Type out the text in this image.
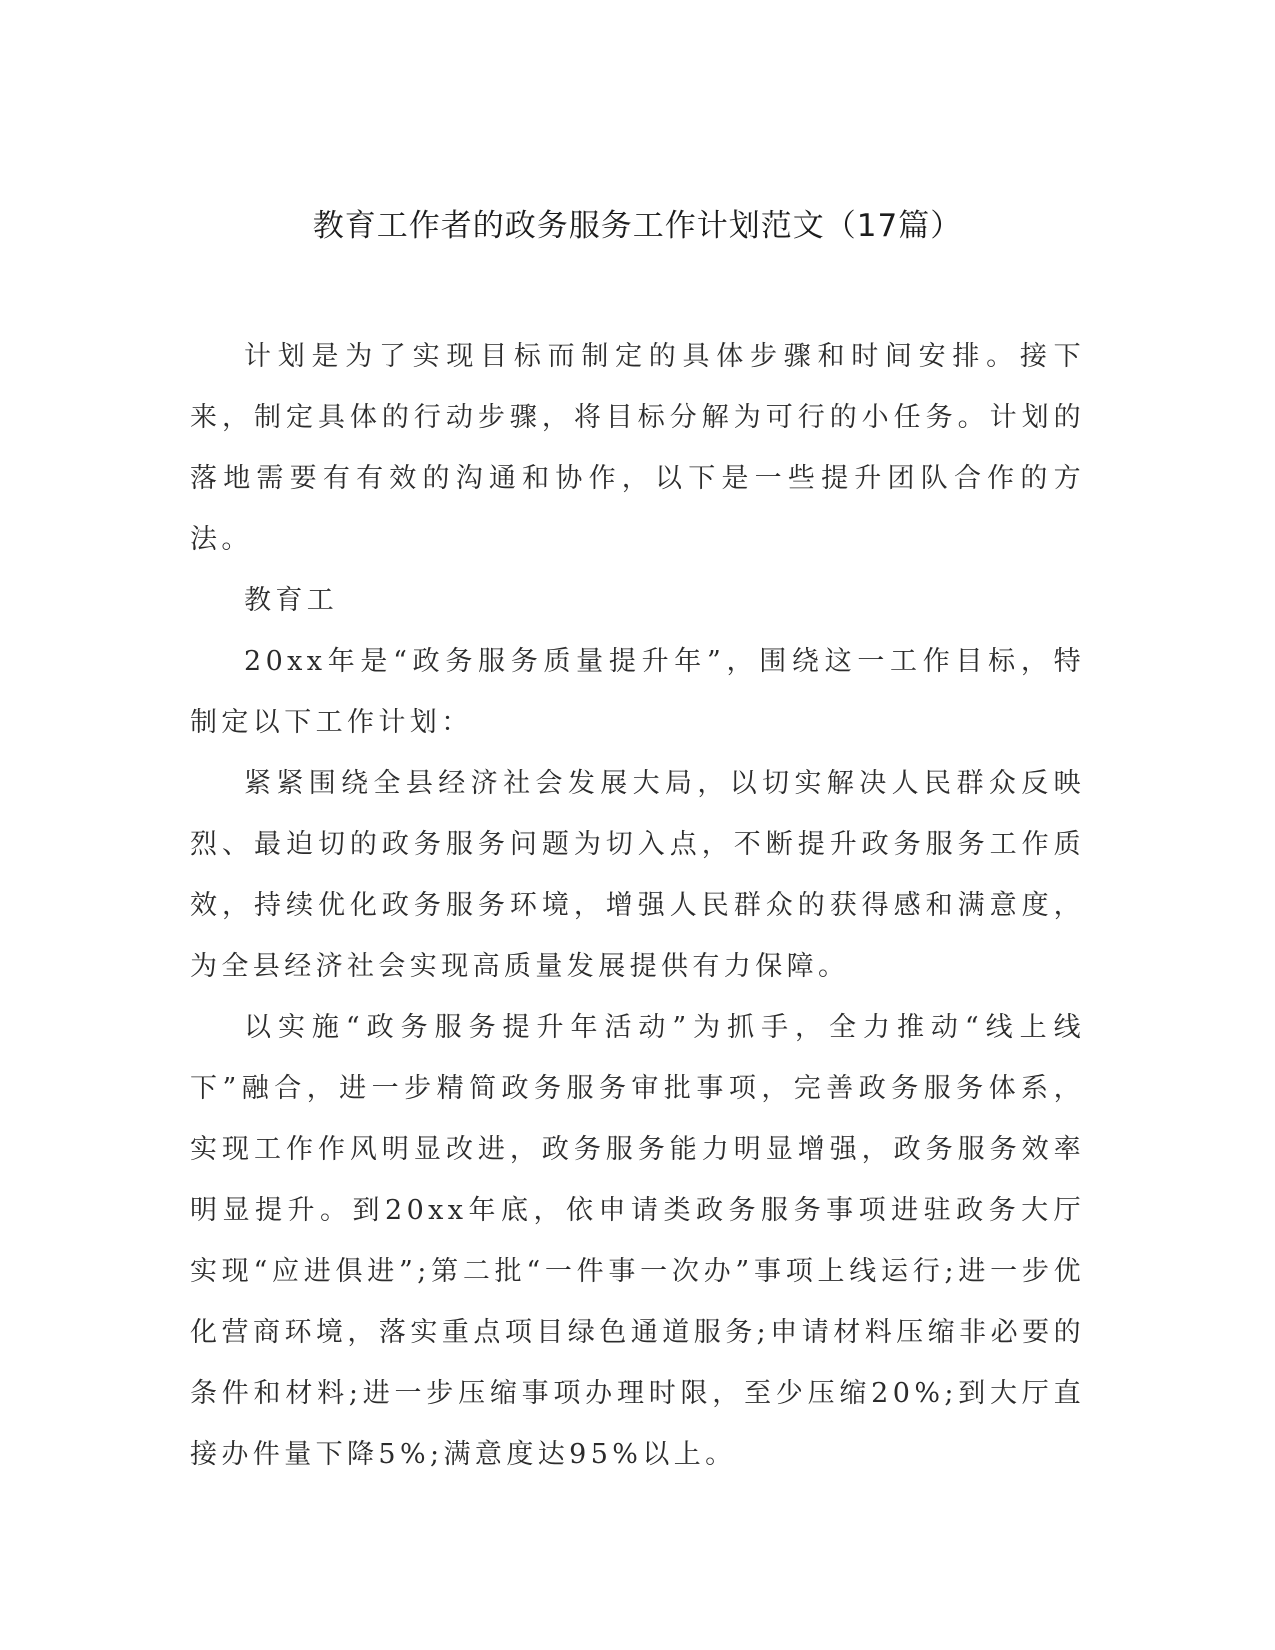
教育工作者的政务服务工作计划范文（17篇）

计划是为了实现目标而制定的具体步骤和时间安排。接下来，制定具体的行动步骤，将目标分解为可行的小任务。计划的落地需要有有效的沟通和协作，以下是一些提升团队合作的方法。

教育工

20xx年是“政务服务质量提升年”，围绕这一工作目标，特制定以下工作计划：

紧紧围绕全县经济社会发展大局，以切实解决人民群众反映烈、最迫切的政务服务问题为切入点，不断提升政务服务工作质效，持续优化政务服务环境，增强人民群众的获得感和满意度，为全县经济社会实现高质量发展提供有力保障。

以实施“政务服务提升年活动”为抓手，全力推动“线上线下”融合，进一步精简政务服务审批事项，完善政务服务体系，实现工作作风明显改进，政务服务能力明显增强，政务服务效率明显提升。到20xx年底，依申请类政务服务事项进驻政务大厅实现“应进俱进”;第二批“一件事一次办”事项上线运行;进一步优化营商环境，落实重点项目绿色通道服务;申请材料压缩非必要的条件和材料;进一步压缩事项办理时限，至少压缩20%;到大厅直接办件量下降5%;满意度达95%以上。
